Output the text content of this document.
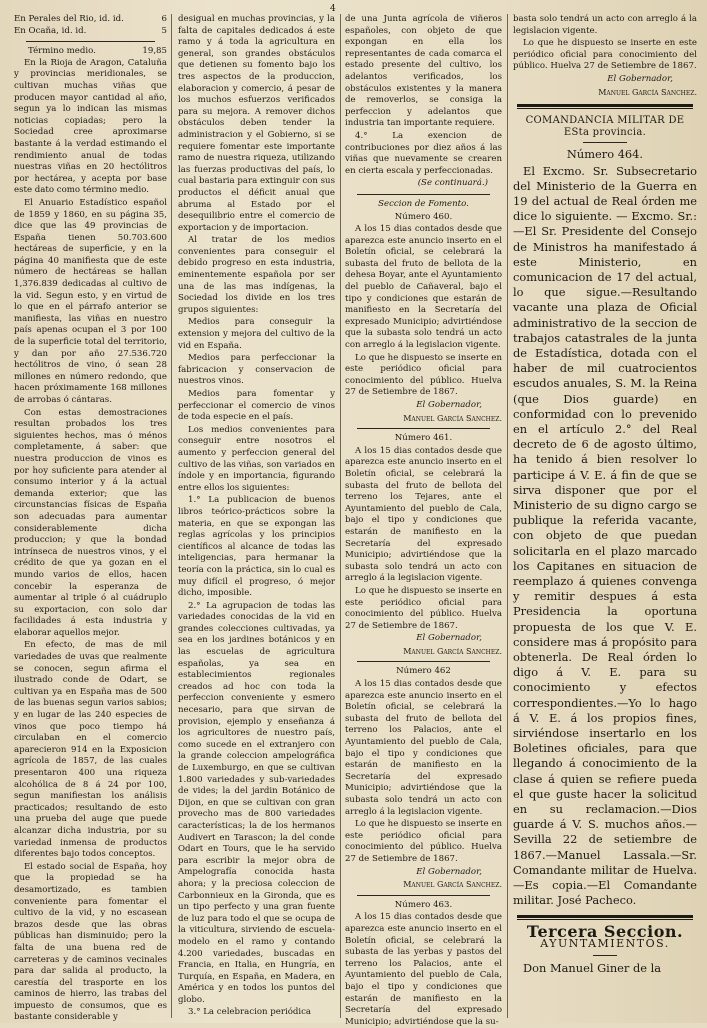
4
En Perales del Rio, id. id.	6
En Ocaña, id. id.	5
Término medio.	19,85

En la Rioja de Aragon, Cataluña y provincias meridionales, se cultivan muchas viñas que producen mayor cantidad al año, segun ya lo indican las mismas noticias copiadas; pero la Sociedad cree aproximarse bastante á la verdad estimando el rendimiento anual de todas nuestras viñas en 20 hectólitros por hectárea, y acepta por base este dato como término medio.

El Anuario Estadístico español de 1859 y 1860, en su página 35, dice que las 49 provincias de España tienen 50.703.600 hectáreas de superficie, y en la página 40 manifiesta que de este número de hectáreas se hallan 1,376.839 dedicadas al cultivo de la vid. Segun esto, y en virtud de lo que en el párrafo anterior se manifiesta, las viñas en nuestro país apenas ocupan el 3 por 100 de la superficie total del territorio, y dan por año 27.536.720 hectólitros de vino, ó sean 28 millones en número redondo, que hacen próximamente 168 millones de arrobas ó cántaras.

Con estas demostraciones resultan probados los tres siguientes hechos, mas ó ménos completamente, á saber: que nuestra produccion de vinos es por hoy suficiente para atender al consumo interior y á la actual demanda exterior; que las circunstancias físicas de España son adecuadas para aumentar considerablemente dicha produccion; y que la bondad intrínseca de nuestros vinos, y el crédito de que ya gozan en el mundo varios de ellos, hacen concebir la esperanza de aumentar al triple ó al cuádruplo su exportacion, con solo dar facilidades á esta industria y elaborar aquellos mejor.

En efecto, de mas de mil variedades de uvas que realmente se conocen, segun afirma el ilustrado conde de Odart, se cultivan ya en España mas de 500 de las buenas segun varios sabios; y en lugar de las 240 especies de vinos que poco tiempo há circulaban en el comercio aparecieron 914 en la Exposicion agrícola de 1857, de las cuales presentaron 400 una riqueza alcohólica de 8 á 24 por 100, segun manifiestan los análisis practicados; resultando de esto una prueba del auge que puede alcanzar dicha industria, por su variedad inmensa de productos diferentes bajo todos conceptos.

El estado social de España, hoy que la propiedad se ha desamortizado, es tambien conveniente para fomentar el cultivo de la vid, y no escasean brazos desde que las obras públicas han disminuido; pero la falta de una buena red de carreteras y de caminos vecinales para dar salida al producto, la carestía del trasporte en los caminos de hierro, las trabas del impuesto de consumos, que es bastante considerable y

desigual en muchas provincias, y la falta de capitales dedicados á este ramo y á toda la agricultura en general, son grandes obstáculos que detienen su fomento bajo los tres aspectos de la produccion, elaboracion y comercio, á pesar de los muchos esfuerzos verificados para su mejora. A remover dichos obstáculos deben tender la administracion y el Gobierno, si se requiere fomentar este importante ramo de nuestra riqueza, utilizando las fuerzas productivas del país, lo cual bastaria para extinguir con sus productos el déficit anual que abruma al Estado por el desequilibrio entre el comercio de exportacion y de importacion.

Al tratar de los medios convenientes para conseguir el debido progreso en esta industria, eminentemente española por ser una de las mas indígenas, la Sociedad los divide en los tres grupos siguientes:

Medios para conseguir la extension y mejora del cultivo de la vid en España.

Medios para perfeccionar la fabricacion y conservacion de nuestros vinos.

Medios para fomentar y perfeccionar el comercio de vinos de toda especie en el país.

Los medios convenientes para conseguir entre nosotros el aumento y perfeccion general del cultivo de las viñas, son variados en índole y en importancia, figurando entre ellos los siguientes:

1.° La publicacion de buenos libros teórico-prácticos sobre la materia, en que se expongan las reglas agrícolas y los principios científicos al alcance de todas las inteligencias, para hermanar la teoría con la práctica, sin lo cual es muy difícil el progreso, ó mejor dicho, imposible.

2.° La agrupacion de todas las variedades conocidas de la vid en grandes colecciones cultivadas, ya sea en los jardines botánicos y en las escuelas de agricultura españolas, ya sea en establecimientos regionales creados ad hoc con toda la perfeccion conveniente y esmero necesario, para que sirvan de provision, ejemplo y enseñanza á los agricultores de nuestro país, como sucede en el extranjero con la grande coleccion ampelográfica de Luxemburgo, en que se cultivan 1.800 variedades y sub-variedades de vides; la del jardin Botánico de Dijon, en que se cultivan con gran provecho mas de 800 variedades características; la de los hermanos Audivert en Tarascon; la del conde Odart en Tours, que le ha servido para escribir la mejor obra de Ampelografía conocida hasta ahora; y la preciosa coleccion de Carbonnieux en la Gironda, que es un tipo perfecto y una gran fuente de luz para todo el que se ocupa de la viticultura, sirviendo de escuela-modelo en el ramo y contando 4.200 variedades, buscadas en Francia, en Italia, en Hungría, en Turquía, en España, en Madera, en América y en todos los puntos del globo.

3.° La celebracion periódica

de una Junta agrícola de viñeros españoles, con objeto de que expongan en ella los representantes de cada comarca el estado presente del cultivo, los adelantos verificados, los obstáculos existentes y la manera de removerlos, se consiga la perfeccion y adelantos que industria tan importante requiere.

4.° La exencion de contribuciones por diez años á las viñas que nuevamente se crearen en cierta escala y perfeccionadas.

(Se continuará.)

Seccion de Fomento.

Número 460.

A los 15 dias contados desde que aparezca este anuncio inserto en el Boletín oficial, se celebrará la subasta del fruto de bellota de la dehesa Boyar, ante el Ayuntamiento del pueblo de Cañaveral, bajo el tipo y condiciones que estarán de manifiesto en la Secretaría del expresado Municipio; advirtiéndose que la subasta solo tendrá un acto con arreglo á la legislacion vigente.

Lo que he dispuesto se inserte en este periódico oficial para conocimiento del público. Huelva 27 de Setiembre de 1867.

El Gobernador,

Manuel García Sanchez.

Número 461.

A los 15 dias contados desde que aparezca este anuncio inserto en el Boletín oficial, se celebrará la subasta del fruto de bellota del terreno los Tejares, ante el Ayuntamiento del pueblo de Cala, bajo el tipo y condiciones que estarán de manifiesto en la Secretaría del expresado Municipio; advirtiéndose que la subasta solo tendrá un acto con arreglo á la legislacion vigente.

Lo que he dispuesto se inserte en este periódico oficial para conocimiento del público. Huelva 27 de Setiembre de 1867.

El Gobernador,

Manuel García Sanchez.

Número 462

A los 15 dias contados desde que aparezca este anuncio inserto en el Boletín oficial, se celebrará la subasta del fruto de bellota del terreno los Palacios, ante el Ayuntamiento del pueblo de Cala, bajo el tipo y condiciones que estarán de manifiesto en la Secretaría del expresado Municipio; advirtiéndose que la subasta solo tendrá un acto con arreglo á la legislacion vigente.

Lo que he dispuesto se inserte en este periódico oficial para conocimiento del público. Huelva 27 de Setiembre de 1867.

El Gobernador,

Manuel García Sanchez.

Número 463.

A los 15 dias contados desde que aparezca este anuncio inserto en el Boletín oficial, se celebrará la subasta de las yerbas y pastos del terreno los Palacios, ante el Ayuntamiento del pueblo de Cala, bajo el tipo y condiciones que estarán de manifiesto en la Secretaría del expresado Municipio; advirtiéndose que la su-

basta solo tendrá un acto con arreglo á la legislacion vigente.

Lo que he dispuesto se inserte en este periódico oficial para conocimiento del público. Huelva 27 de Setiembre de 1867.

El Gobernador,

Manuel García Sanchez.

COMANDANCIA MILITAR DE ESta provincia.

Número 464.

El Excmo. Sr. Subsecretario del Ministerio de la Guerra en 19 del actual de Real órden me dice lo siguiente. — Excmo. Sr.:—El Sr. Presidente del Consejo de Ministros ha manifestado á este Ministerio, en comunicacion de 17 del actual, lo que sigue.—Resultando vacante una plaza de Oficial administrativo de la seccion de trabajos catastrales de la junta de Estadística, dotada con el haber de mil cuatrocientos escudos anuales, S. M. la Reina (que Dios guarde) en conformidad con lo prevenido en el artículo 2.° del Real decreto de 6 de agosto último, ha tenido á bien resolver lo participe á V. E. á fin de que se sirva disponer que por el Ministerio de su digno cargo se publique la referida vacante, con objeto de que puedan solicitarla en el plazo marcado los Capitanes en situacion de reemplazo á quienes convenga y remitir despues á esta Presidencia la oportuna propuesta de los que V. E. considere mas á propósito para obtenerla. De Real órden lo digo á V. E. para su conocimiento y efectos correspondientes.—Yo lo hago á V. E. á los propios fines, sirviéndose insertarlo en los Boletines oficiales, para que llegando á conocimiento de la clase á quien se refiere pueda el que guste hacer la solicitud en su reclamacion.—Dios guarde á V. S. muchos años.—Sevilla 22 de setiembre de 1867.—Manuel Lassala.—Sr. Comandante militar de Huelva.—Es copia.—El Comandante militar. José Pacheco.

Tercera Seccion.

AYUNTAMIENTOS.

Don Manuel Giner de la
